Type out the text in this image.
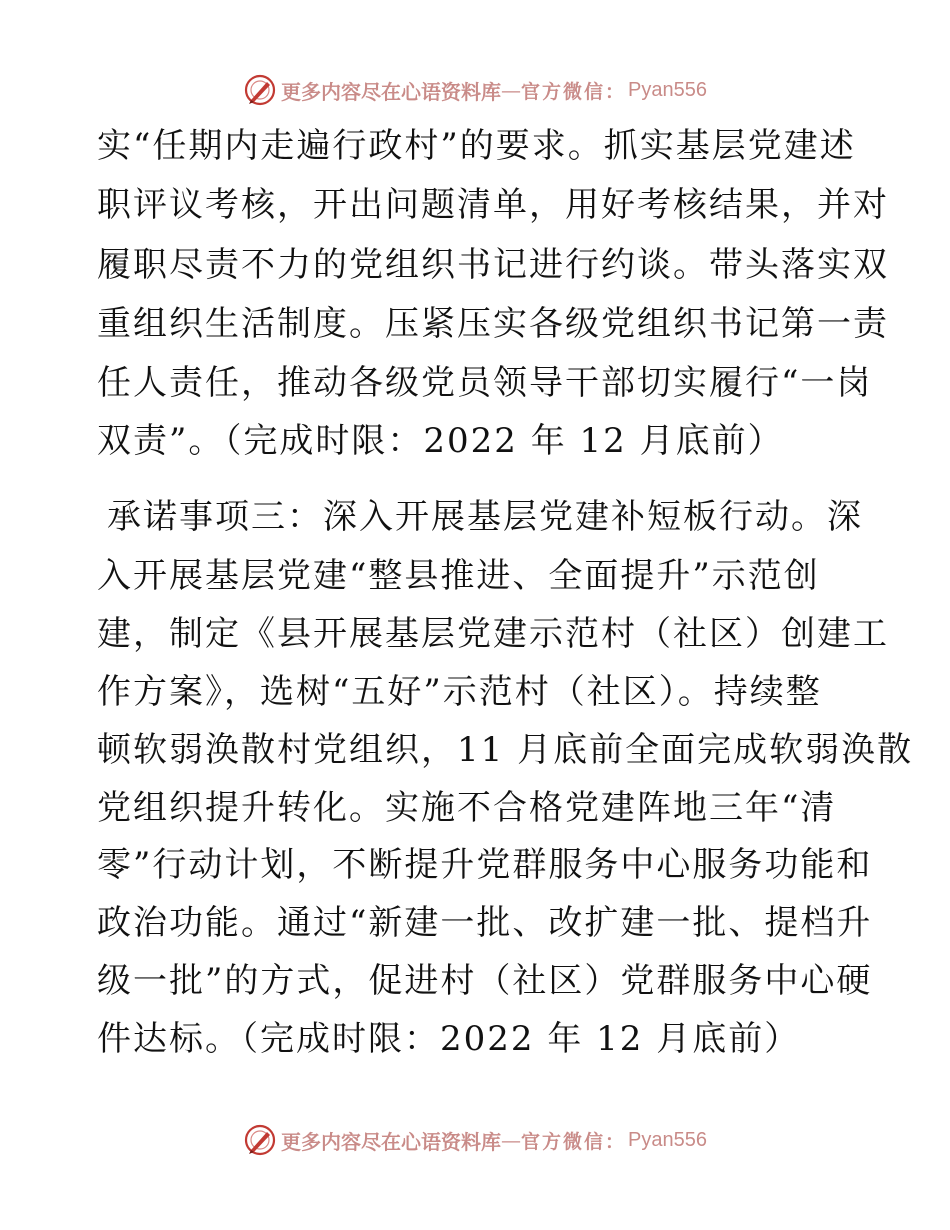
更多内容尽在心语资料库 — 官方微信： Pyan556
实“任期内走遍行政村”的要求。抓实基层党建述
职评议考核，开出问题清单，用好考核结果，并对
履职尽责不力的党组织书记进行约谈。带头落实双
重组织生活制度。压紧压实各级党组织书记第一责
任人责任，推动各级党员领导干部切实履行“一岗
双责”。（完成时限：2022 年 12 月底前）
承诺事项三：深入开展基层党建补短板行动。深
入开展基层党建“整县推进、全面提升”示范创
建，制定《县开展基层党建示范村（社区）创建工
作方案》，选树“五好”示范村（社区）。持续整
顿软弱涣散村党组织，11 月底前全面完成软弱涣散
党组织提升转化。实施不合格党建阵地三年“清
零”行动计划，不断提升党群服务中心服务功能和
政治功能。通过“新建一批、改扩建一批、提档升
级一批”的方式，促进村（社区）党群服务中心硬
件达标。（完成时限：2022 年 12 月底前）
更多内容尽在心语资料库 — 官方微信： Pyan556
